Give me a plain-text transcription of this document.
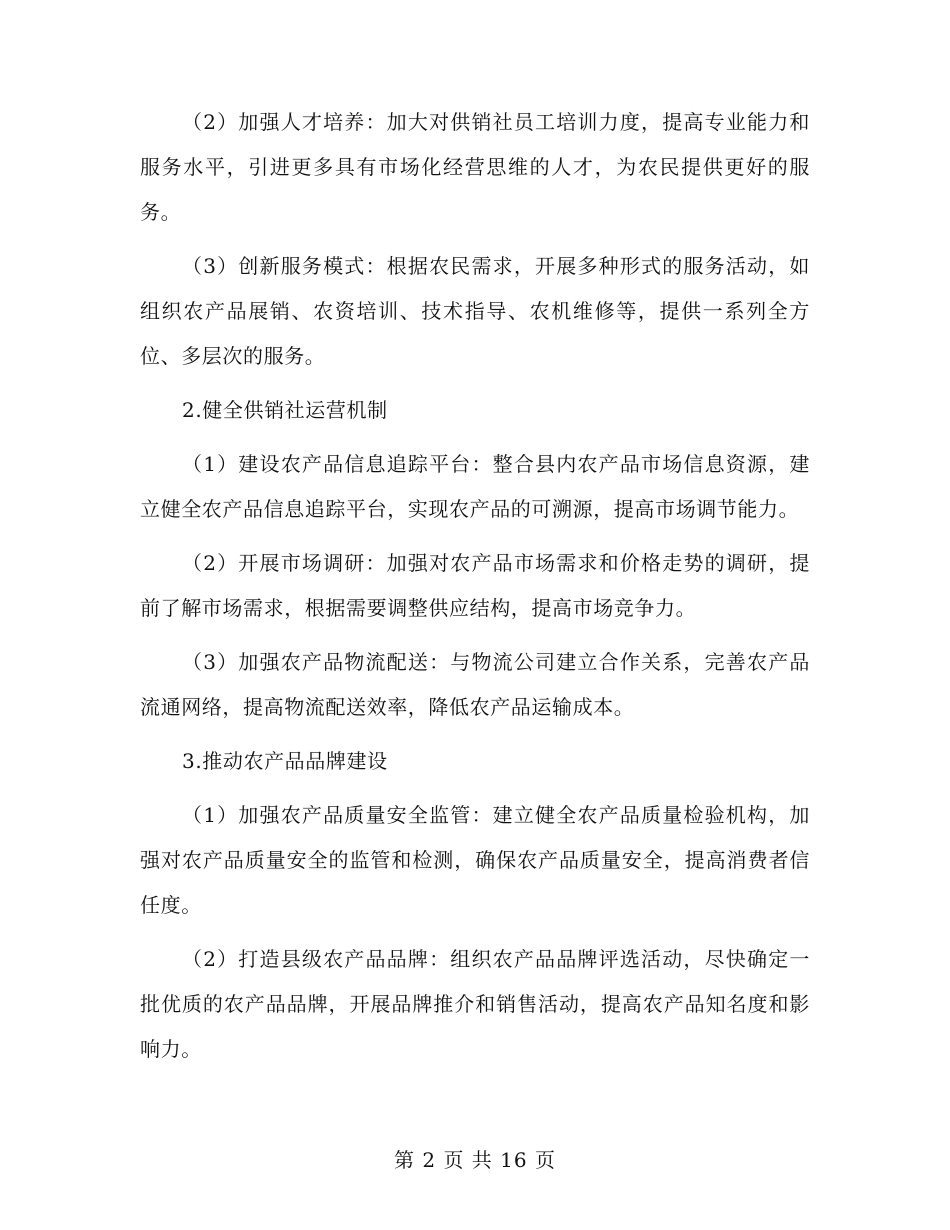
（2）加强人才培养：加大对供销社员工培训力度，提高专业能力和服务水平，引进更多具有市场化经营思维的人才，为农民提供更好的服务。

（3）创新服务模式：根据农民需求，开展多种形式的服务活动，如组织农产品展销、农资培训、技术指导、农机维修等，提供一系列全方位、多层次的服务。

2.健全供销社运营机制

（1）建设农产品信息追踪平台：整合县内农产品市场信息资源，建立健全农产品信息追踪平台，实现农产品的可溯源，提高市场调节能力。

（2）开展市场调研：加强对农产品市场需求和价格走势的调研，提前了解市场需求，根据需要调整供应结构，提高市场竞争力。

（3）加强农产品物流配送：与物流公司建立合作关系，完善农产品流通网络，提高物流配送效率，降低农产品运输成本。

3.推动农产品品牌建设

（1）加强农产品质量安全监管：建立健全农产品质量检验机构，加强对农产品质量安全的监管和检测，确保农产品质量安全，提高消费者信任度。

（2）打造县级农产品品牌：组织农产品品牌评选活动，尽快确定一批优质的农产品品牌，开展品牌推介和销售活动，提高农产品知名度和影响力。

第 2 页 共 16 页
